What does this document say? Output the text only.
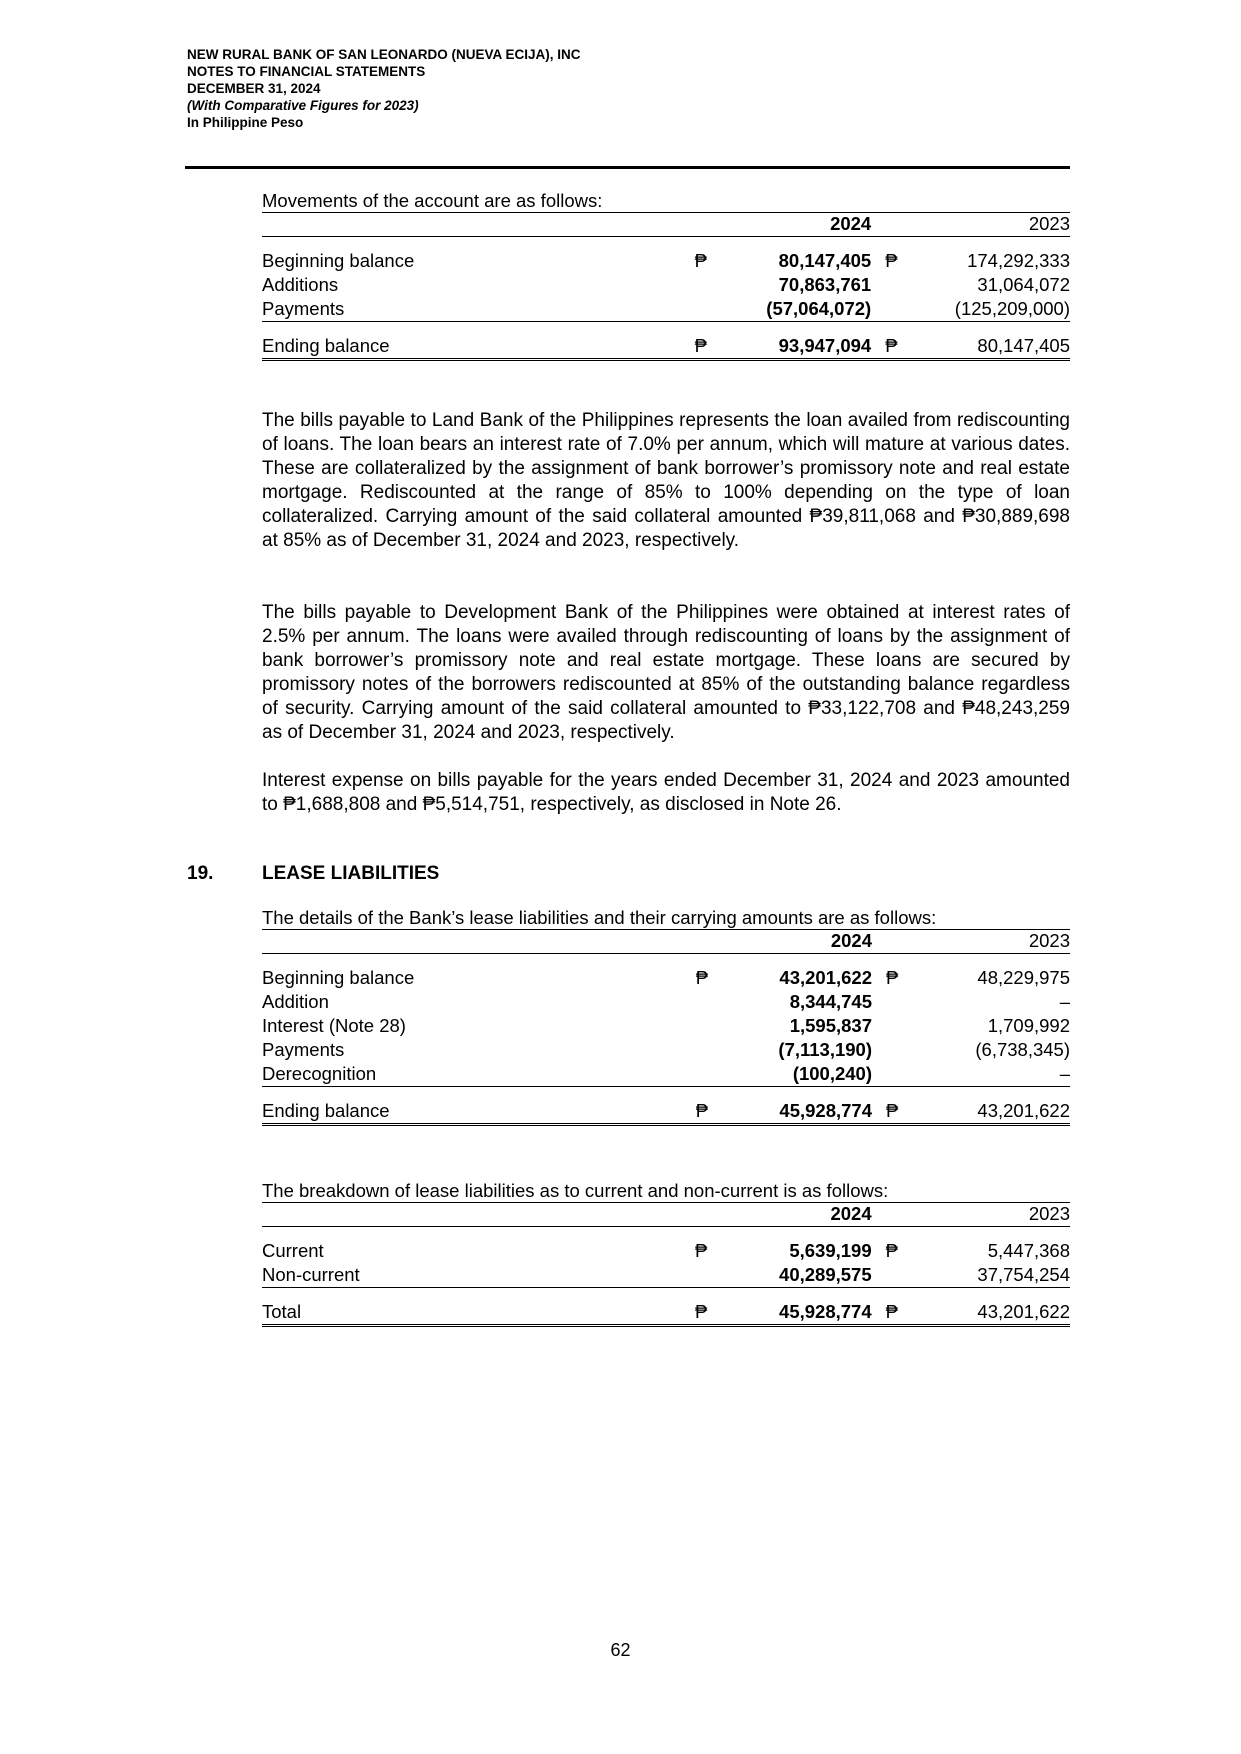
NEW RURAL BANK OF SAN LEONARDO (NUEVA ECIJA), INC
NOTES TO FINANCIAL STATEMENTS
DECEMBER 31, 2024
(With Comparative Figures for 2023)
In Philippine Peso
Movements of the account are as follows:
		2024		2023

Beginning balance	₱	80,147,405	₱	174,292,333
Additions		70,863,761		31,064,072
Payments		(57,064,072)		(125,209,000)

Ending balance	₱	93,947,094	₱	80,147,405
The bills payable to Land Bank of the Philippines represents the loan availed from rediscounting of loans. The loan bears an interest rate of 7.0% per annum, which will mature at various dates. These are collateralized by the assignment of bank borrower’s promissory note and real estate mortgage. Rediscounted at the range of 85% to 100% depending on the type of loan collateralized. Carrying amount of the said collateral amounted ₱39,811,068 and ₱30,889,698 at 85% as of December 31, 2024 and 2023, respectively.
The bills payable to Development Bank of the Philippines were obtained at interest rates of 2.5% per annum. The loans were availed through rediscounting of loans by the assignment of bank borrower’s promissory note and real estate mortgage. These loans are secured by promissory notes of the borrowers rediscounted at 85% of the outstanding balance regardless of security. Carrying amount of the said collateral amounted to ₱33,122,708 and ₱48,243,259 as of December 31, 2024 and 2023, respectively.
Interest expense on bills payable for the years ended December 31, 2024 and 2023 amounted to ₱1,688,808 and ₱5,514,751, respectively, as disclosed in Note 26.
19.	LEASE LIABILITIES
The details of the Bank’s lease liabilities and their carrying amounts are as follows:
		2024		2023

Beginning balance	₱	43,201,622	₱	48,229,975
Addition		8,344,745		–
Interest (Note 28)		1,595,837		1,709,992
Payments		(7,113,190)		(6,738,345)
Derecognition		(100,240)		–

Ending balance	₱	45,928,774	₱	43,201,622
The breakdown of lease liabilities as to current and non-current is as follows:
		2024		2023

Current	₱	5,639,199	₱	5,447,368
Non-current		40,289,575		37,754,254

Total	₱	45,928,774	₱	43,201,622
62
